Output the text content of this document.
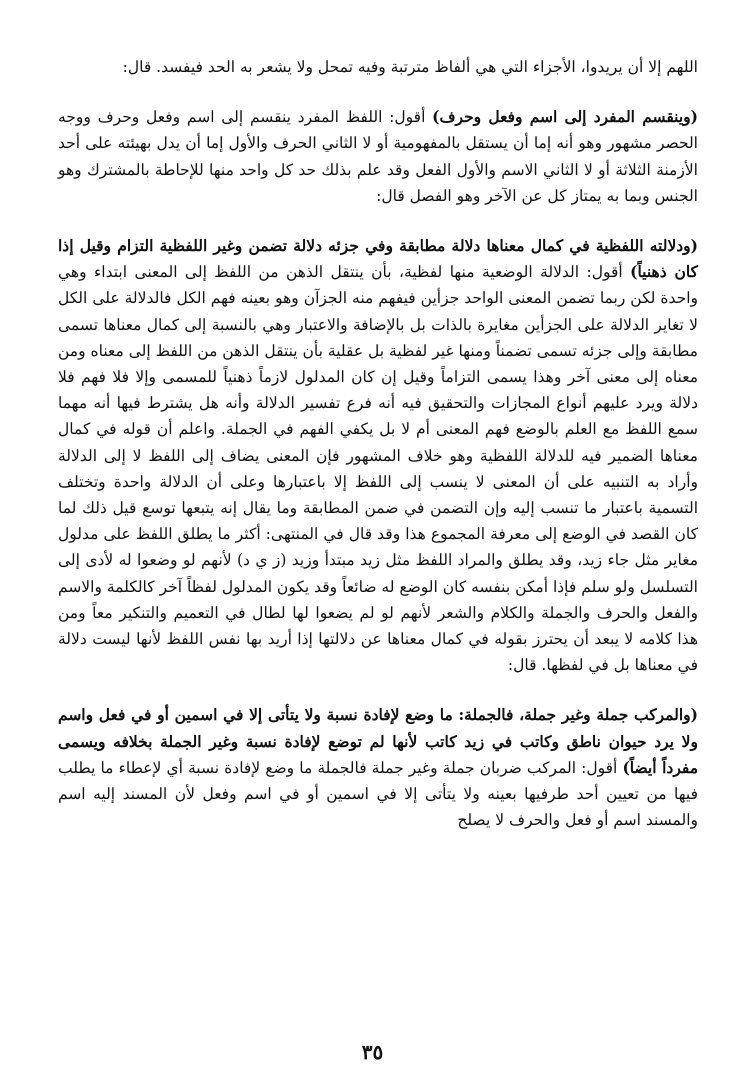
اللهم إلا أن يريدوا، الأجزاء التي هي ألفاظ مترتبة وفيه تمحل ولا يشعر به الحد فيفسد. قال:

(وينقسم المفرد إلى اسم وفعل وحرف) أقول: اللفظ المفرد ينقسم إلى اسم وفعل وحرف ووجه الحصر مشهور وهو أنه إما أن يستقل بالمفهومية أو لا الثاني الحرف والأول إما أن يدل بهيئته على أحد الأزمنة الثلاثة أو لا الثاني الاسم والأول الفعل وقد علم بذلك حد كل واحد منها للإحاطة بالمشترك وهو الجنس وبما به يمتاز كل عن الآخر وهو الفصل قال:

(ودلالته اللفظية في كمال معناها دلالة مطابقة وفي جزئه دلالة تضمن وغير اللفظية التزام وقيل إذا كان ذهنياً) أقول: الدلالة الوضعية منها لفظية، بأن ينتقل الذهن من اللفظ إلى المعنى ابتداء وهي واحدة لكن ربما تضمن المعنى الواحد جزأين فيفهم منه الجزآن وهو بعينه فهم الكل فالدلالة على الكل لا تغاير الدلالة على الجزأين مغايرة بالذات بل بالإضافة والاعتبار وهي بالنسبة إلى كمال معناها تسمى مطابقة وإلى جزئه تسمى تضمناً ومنها غير لفظية بل عقلية بأن ينتقل الذهن من اللفظ إلى معناه ومن معناه إلى معنى آخر وهذا يسمى التزاماً وقيل إن كان المدلول لازماً ذهنياً للمسمى وإلا فلا فهم فلا دلالة ويرد عليهم أنواع المجازات والتحقيق فيه أنه فرع تفسير الدلالة وأنه هل يشترط فيها أنه مهما سمع اللفظ مع العلم بالوضع فهم المعنى أم لا بل يكفي الفهم في الجملة. واعلم أن قوله في كمال معناها الضمير فيه للدلالة اللفظية وهو خلاف المشهور فإن المعنى يضاف إلى اللفظ لا إلى الدلالة وأراد به التنبيه على أن المعنى لا ينسب إلى اللفظ إلا باعتبارها وعلى أن الدلالة واحدة وتختلف التسمية باعتبار ما تنسب إليه وإن التضمن في ضمن المطابقة وما يقال إنه يتبعها توسع قيل ذلك لما كان القصد في الوضع إلى معرفة المجموع هذا وقد قال في المنتهى: أكثر ما يطلق اللفظ على مدلول مغاير مثل جاء زيد، وقد يطلق والمراد اللفظ مثل زيد مبتدأ وزيد (ز ي د) لأنهم لو وضعوا له لأدى إلى التسلسل ولو سلم فإذا أمكن بنفسه كان الوضع له ضائعاً وقد يكون المدلول لفظاً آخر كالكلمة والاسم والفعل والحرف والجملة والكلام والشعر لأنهم لو لم يضعوا لها لطال في التعميم والتنكير معاً ومن هذا كلامه لا يبعد أن يحترز بقوله في كمال معناها عن دلالتها إذا أريد بها نفس اللفظ لأنها ليست دلالة في معناها بل في لفظها. قال:

(والمركب جملة وغير جملة، فالجملة: ما وضع لإفادة نسبة ولا يتأتى إلا في اسمين أو في فعل واسم ولا يرد حيوان ناطق وكاتب في زيد كاتب لأنها لم توضع لإفادة نسبة وغير الجملة بخلافه ويسمى مفرداً أيضاً) أقول: المركب ضربان جملة وغير جملة فالجملة ما وضع لإفادة نسبة أي لإعطاء ما يطلب فيها من تعيين أحد طرفيها بعينه ولا يتأتى إلا في اسمين أو في اسم وفعل لأن المسند إليه اسم والمسند اسم أو فعل والحرف لا يصلح

٣٥
